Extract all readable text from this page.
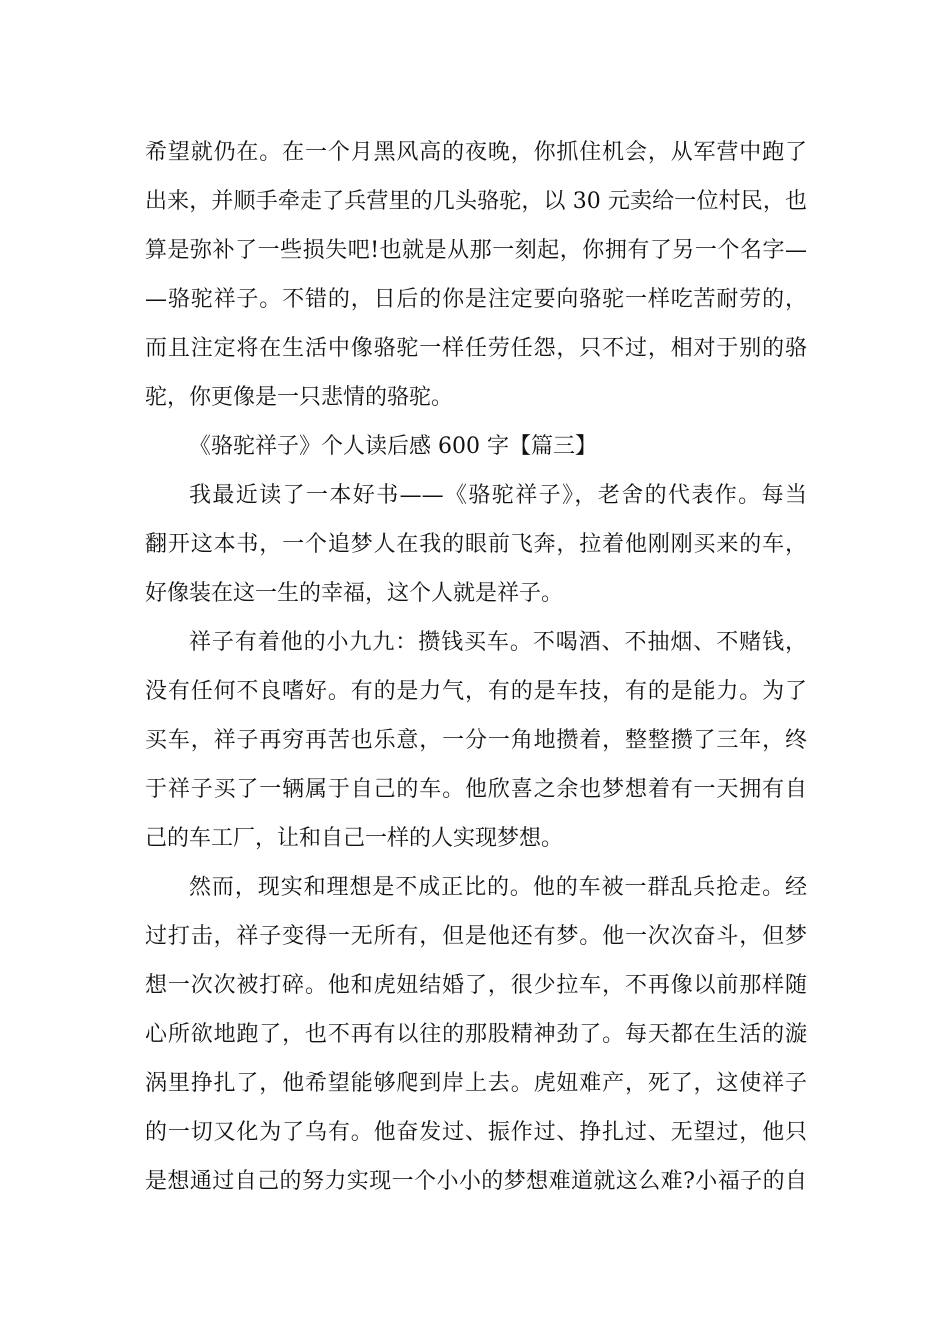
希望就仍在。在一个月黑风高的夜晚，你抓住机会，从军营中跑了
出来，并顺手牵走了兵营里的几头骆驼，以 30 元卖给一位村民，也
算是弥补了一些损失吧!也就是从那一刻起，你拥有了另一个名字—
—骆驼祥子。不错的，日后的你是注定要向骆驼一样吃苦耐劳的，
而且注定将在生活中像骆驼一样任劳任怨，只不过，相对于别的骆
驼，你更像是一只悲情的骆驼。
《骆驼祥子》个人读后感 600 字【篇三】
我最近读了一本好书——《骆驼祥子》，老舍的代表作。每当
翻开这本书，一个追梦人在我的眼前飞奔，拉着他刚刚买来的车，
好像装在这一生的幸福，这个人就是祥子。
祥子有着他的小九九：攒钱买车。不喝酒、不抽烟、不赌钱，
没有任何不良嗜好。有的是力气，有的是车技，有的是能力。为了
买车，祥子再穷再苦也乐意，一分一角地攒着，整整攒了三年，终
于祥子买了一辆属于自己的车。他欣喜之余也梦想着有一天拥有自
己的车工厂，让和自己一样的人实现梦想。
然而，现实和理想是不成正比的。他的车被一群乱兵抢走。经
过打击，祥子变得一无所有，但是他还有梦。他一次次奋斗，但梦
想一次次被打碎。他和虎妞结婚了，很少拉车，不再像以前那样随
心所欲地跑了，也不再有以往的那股精神劲了。每天都在生活的漩
涡里挣扎了，他希望能够爬到岸上去。虎妞难产，死了，这使祥子
的一切又化为了乌有。他奋发过、振作过、挣扎过、无望过，他只
是想通过自己的努力实现一个小小的梦想难道就这么难?小福子的自
